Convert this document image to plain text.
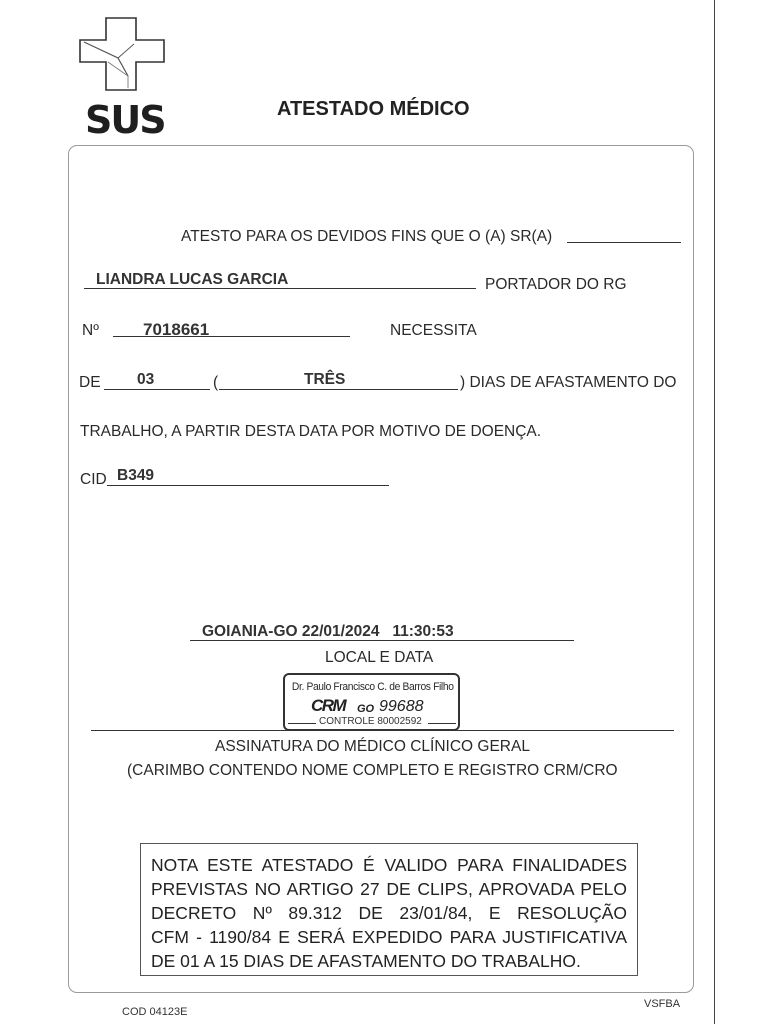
SUS	ATESTADO MÉDICO
ATESTO PARA OS DEVIDOS FINS QUE O (A) SR(A)
LIANDRA LUCAS GARCIA	PORTADOR DO RG
Nº	7018661	NECESSITA
DE 03	(	TRÊS	) DIAS DE AFASTAMENTO DO
TRABALHO, A PARTIR DESTA DATA POR MOTIVO DE DOENÇA.
CID B349
GOIANIA-GO 22/01/2024   11:30:53
LOCAL E DATA
Dr. Paulo Francisco C. de Barros Filho
CRM GO 99688
CONTROLE 80002592
ASSINATURA DO MÉDICO CLÍNICO GERAL
(CARIMBO CONTENDO NOME COMPLETO E REGISTRO CRM/CRO
NOTA ESTE ATESTADO É VALIDO PARA FINALIDADES
PREVISTAS NO ARTIGO 27 DE CLIPS, APROVADA PELO
DECRETO Nº 89.312 DE 23/01/84, E RESOLUÇÃO
CFM - 1190/84 E SERÁ EXPEDIDO PARA JUSTIFICATIVA
DE 01 A 15 DIAS DE AFASTAMENTO DO TRABALHO.
COD 04123E
VSFBA
